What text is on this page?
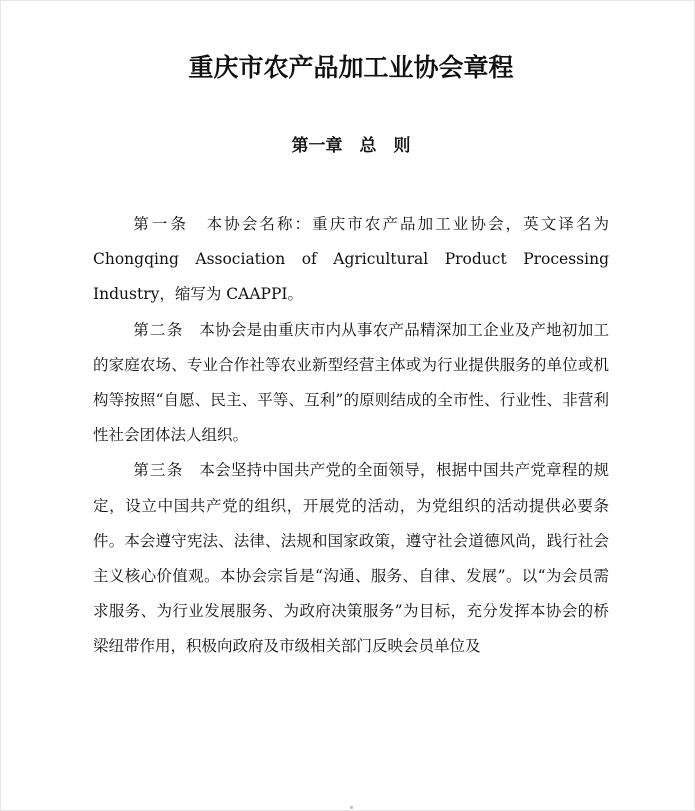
重庆市农产品加工业协会章程
第一章　总　则

第一条　 本协会名称：重庆市农产品加工业协会，英文译名为 Chongqing Association of Agricultural Product Processing Industry，缩写为 CAAPPI。

第二条　 本协会是由重庆市内从事农产品精深加工企业及产地初加工的家庭农场、专业合作社等农业新型经营主体或为行业提供服务的单位或机构等按照“自愿、民主、平等、互利”的原则结成的全市性、行业性、非营利性社会团体法人组织。

第三条　 本会坚持中国共产党的全面领导，根据中国共产党章程的规定，设立中国共产党的组织，开展党的活动，为党组织的活动提供必要条件。本会遵守宪法、法律、法规和国家政策，遵守社会道德风尚，践行社会主义核心价值观。本协会宗旨是“沟通、服务、自律、发展”。以“为会员需求服务、为行业发展服务、为政府决策服务”为目标，充分发挥本协会的桥梁纽带作用，积极向政府及市级相关部门反映会员单位及
